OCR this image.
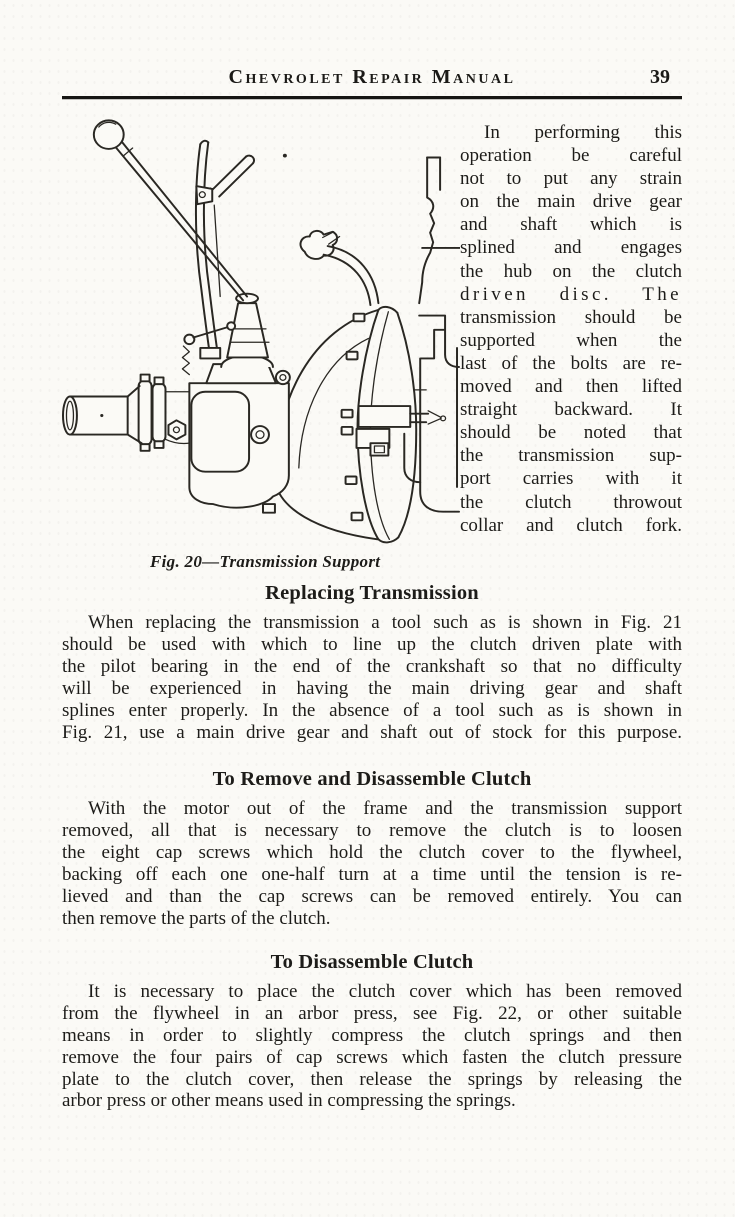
Chevrolet Repair Manual	39
Fig. 20—Transmission Support
In performing this
operation be careful
not to put any strain
on the main drive gear
and shaft which is
splined and engages
the hub on the clutch
driven disc. The
transmission should be
supported when the
last of the bolts are re-
moved and then lifted
straight backward. It
should be noted that
the transmission sup-
port carries with it
the clutch throwout
collar and clutch fork.
Replacing Transmission
When replacing the transmission a tool such as is shown in Fig. 21
should be used with which to line up the clutch driven plate with
the pilot bearing in the end of the crankshaft so that no difficulty
will be experienced in having the main driving gear and shaft
splines enter properly. In the absence of a tool such as is shown in
Fig. 21, use a main drive gear and shaft out of stock for this purpose.
To Remove and Disassemble Clutch
With the motor out of the frame and the transmission support
removed, all that is necessary to remove the clutch is to loosen
the eight cap screws which hold the clutch cover to the flywheel,
backing off each one one-half turn at a time until the tension is re-
lieved and than the cap screws can be removed entirely. You can
then remove the parts of the clutch.
To Disassemble Clutch
It is necessary to place the clutch cover which has been removed
from the flywheel in an arbor press, see Fig. 22, or other suitable
means in order to slightly compress the clutch springs and then
remove the four pairs of cap screws which fasten the clutch pressure
plate to the clutch cover, then release the springs by releasing the
arbor press or other means used in compressing the springs.
